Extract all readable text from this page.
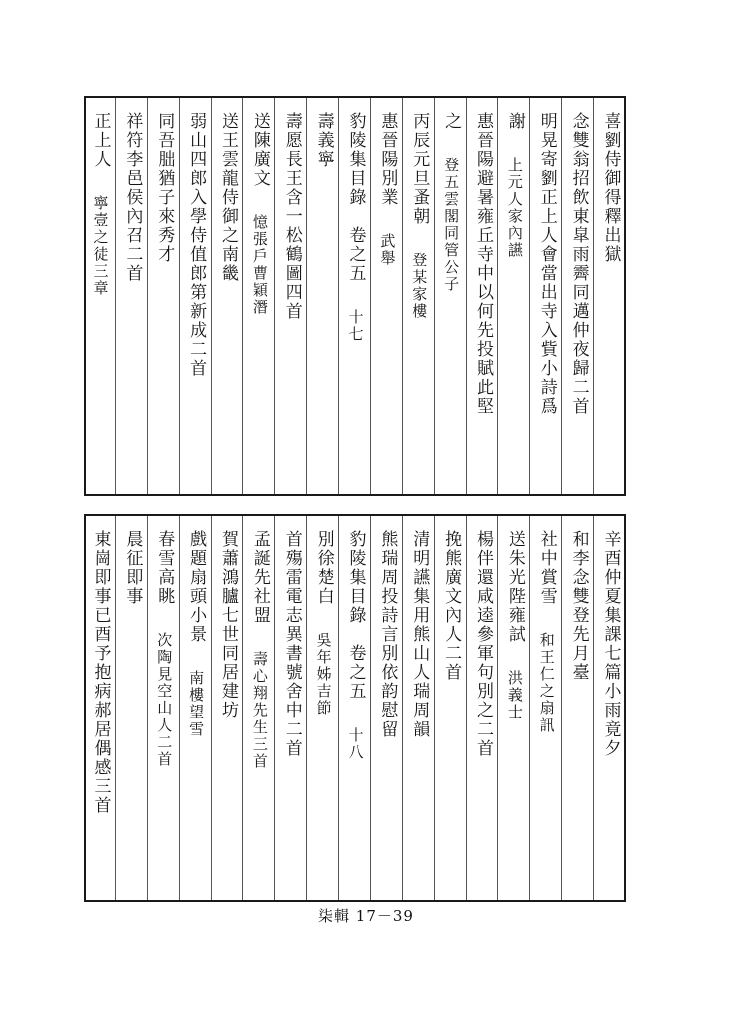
喜劉侍御得釋出獄
念雙翁招飲東皐雨霽同邁仲夜歸二首
明晃寄劉正上人會當出寺入貲小詩爲
謝
上元人家內讌
惠晉陽避暑雍丘寺中以何先投賦此堅
之
登五雲閣同管公子
丙辰元旦蚤朝
登某家樓
惠晉陽別業
武舉
豹陵集目錄　卷之五
十七
壽義寧
壽愿長王含一松鶴圖四首
送陳廣文
憶張戶曹穎潛
送王雲龍侍御之南畿
弱山四郎入學侍值郎第新成二首
同吾朏猶子來秀才
祥符李邑侯內召二首
正上人
寧壹之徒三章
辛酉仲夏集課七篇小雨竟夕
和李念雙登先月臺
社中賞雪
和王仁之扇訊
送朱光陛雍試
洪義士
楊伴還咸逵參軍句別之二首
挽熊廣文內人二首
清明讌集用熊山人瑞周韻
熊瑞周投詩言別依韵慰留
豹陵集目錄　卷之五
十八
別徐楚白
吳年姊吉節
首殤雷電志異書號舍中二首
孟誕先社盟
壽心翔先生三首
賀蕭鴻臚七世同居建坊
戲題扇頭小景
南樓望雪
春雪高眺
次陶見空山人二首
晨征即事
東崗即事已酉予抱病郝居偶感三首
柒輯 17－39
